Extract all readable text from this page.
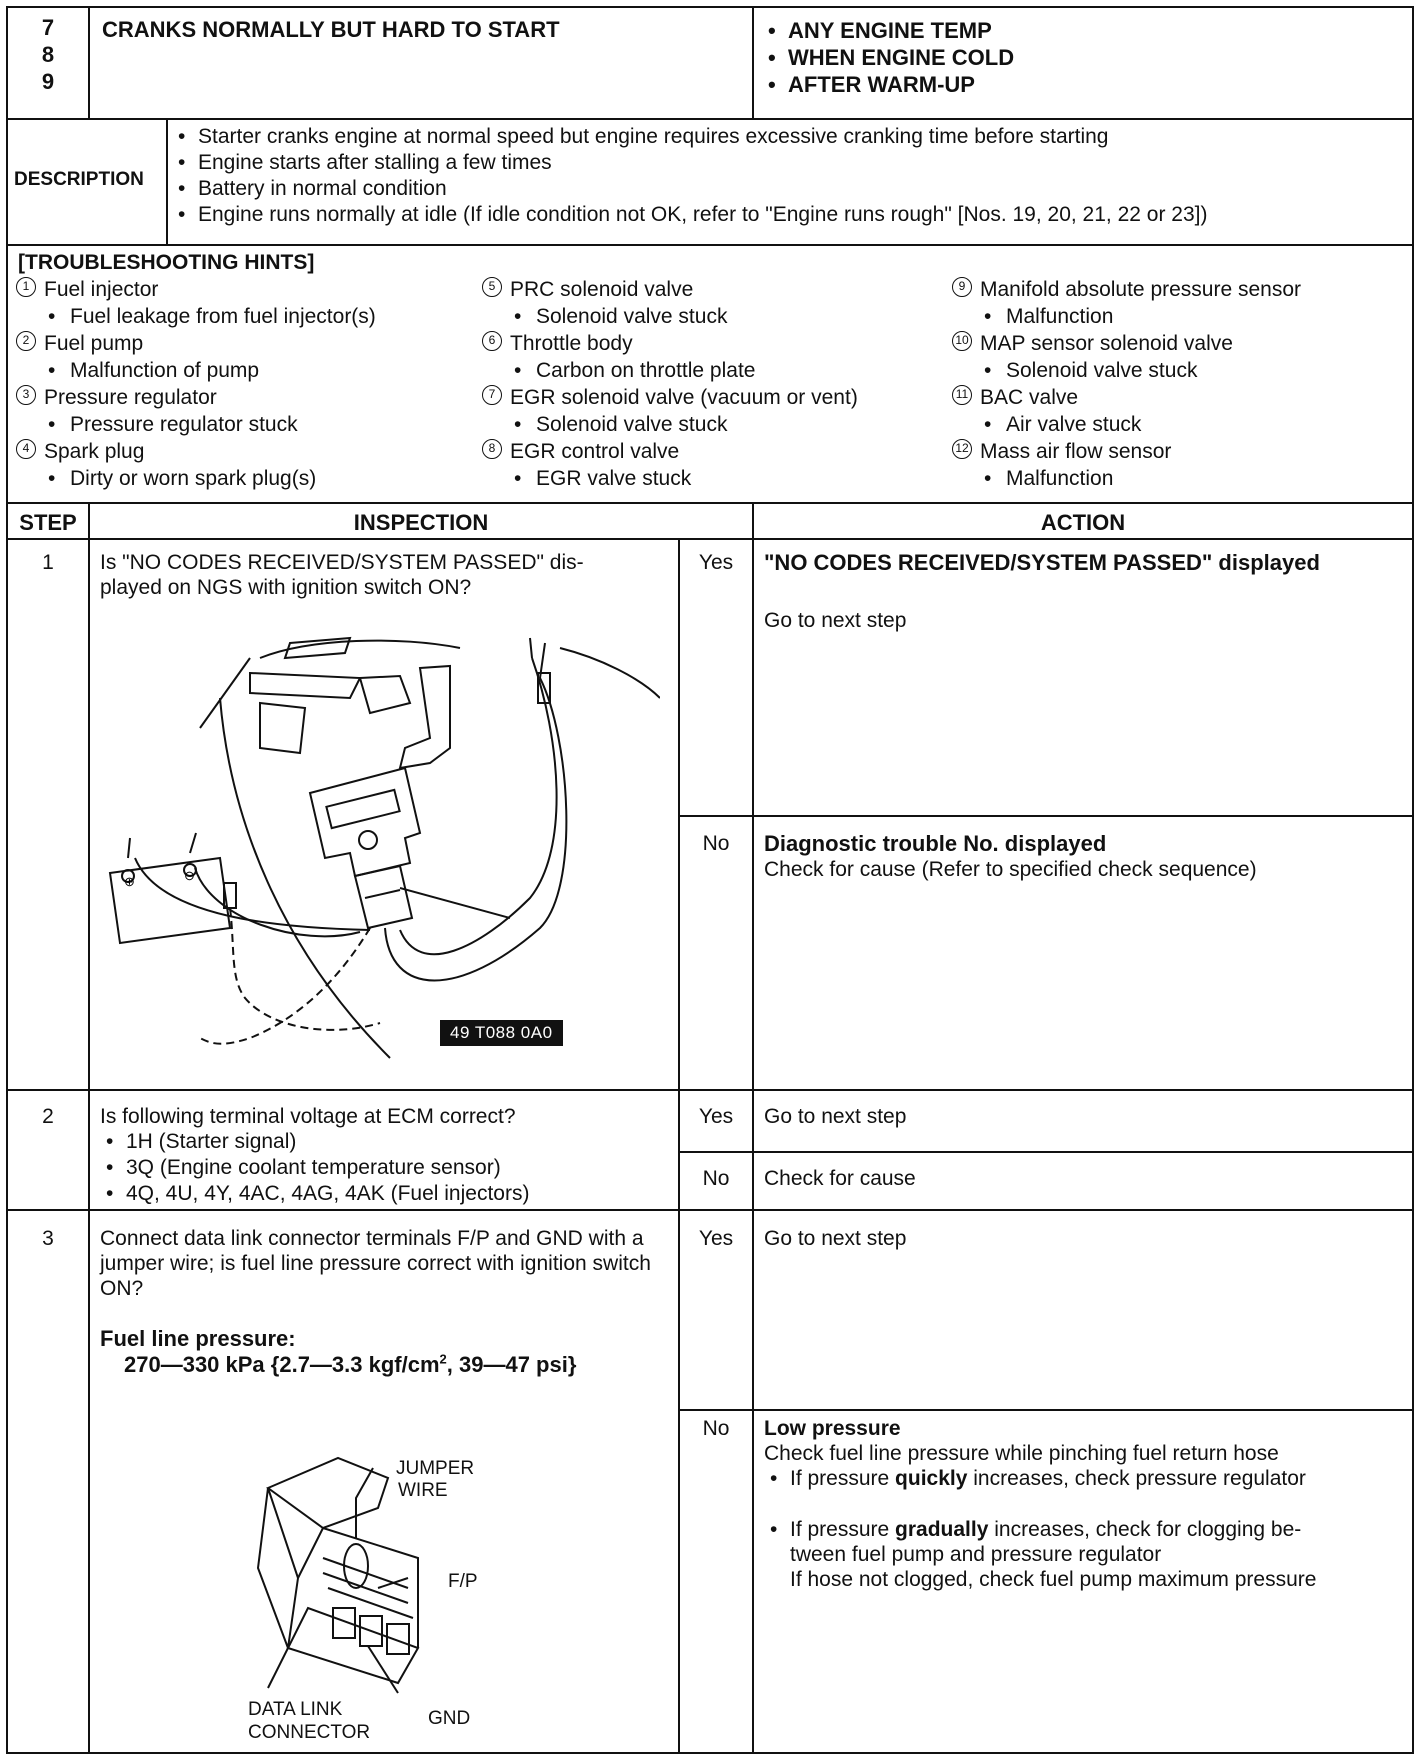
7
8
9
CRANKS NORMALLY BUT HARD TO START
•	ANY ENGINE TEMP
• WHEN ENGINE COLD
• AFTER WARM-UP
DESCRIPTION
• Starter cranks engine at normal speed but engine requires excessive cranking time before starting
• Engine starts after stalling a few times
• Battery in normal condition
• Engine runs normally at idle (If idle condition not OK, refer to "Engine runs rough" [Nos. 19, 20, 21, 22 or 23])
[TROUBLESHOOTING HINTS]
1 Fuel injector
• Fuel leakage from fuel injector(s)
2 Fuel pump
• Malfunction of pump
3 Pressure regulator
• Pressure regulator stuck
4 Spark plug
• Dirty or worn spark plug(s)
5 PRC solenoid valve
• Solenoid valve stuck
6 Throttle body
• Carbon on throttle plate
7 EGR solenoid valve (vacuum or vent)
• Solenoid valve stuck
8 EGR control valve
• EGR valve stuck
9 Manifold absolute pressure sensor
• Malfunction
10 MAP sensor solenoid valve
• Solenoid valve stuck
11 BAC valve
• Air valve stuck
12 Mass air flow sensor
• Malfunction
STEP	INSPECTION	ACTION
1	Is "NO CODES RECEIVED/SYSTEM PASSED" dis-
played on NGS with ignition switch ON?
⊕	⊖
49 T088 0A0
Yes	"NO CODES RECEIVED/SYSTEM PASSED" displayed
Go to next step
No	Diagnostic trouble No. displayed
Check for cause (Refer to specified check sequence)
2	Is following terminal voltage at ECM correct?
• 1H (Starter signal)
• 3Q (Engine coolant temperature sensor)
• 4Q, 4U, 4Y, 4AC, 4AG, 4AK (Fuel injectors)
Yes	Go to next step
No	Check for cause
3	Connect data link connector terminals F/P and GND with a jumper wire; is fuel line pressure correct with ignition switch ON?
Fuel line pressure:
270—330 kPa {2.7—3.3 kgf/$cm^2$, 39—47 psi}
JUMPER
WIRE
F/P
GND
DATA LINK
CONNECTOR
Yes	Go to next step
No	Low pressure
Check fuel line pressure while pinching fuel return hose
• If pressure quickly increases, check pressure regulator
• If pressure gradually increases, check for clogging be-
tween fuel pump and pressure regulator
If hose not clogged, check fuel pump maximum pressure
